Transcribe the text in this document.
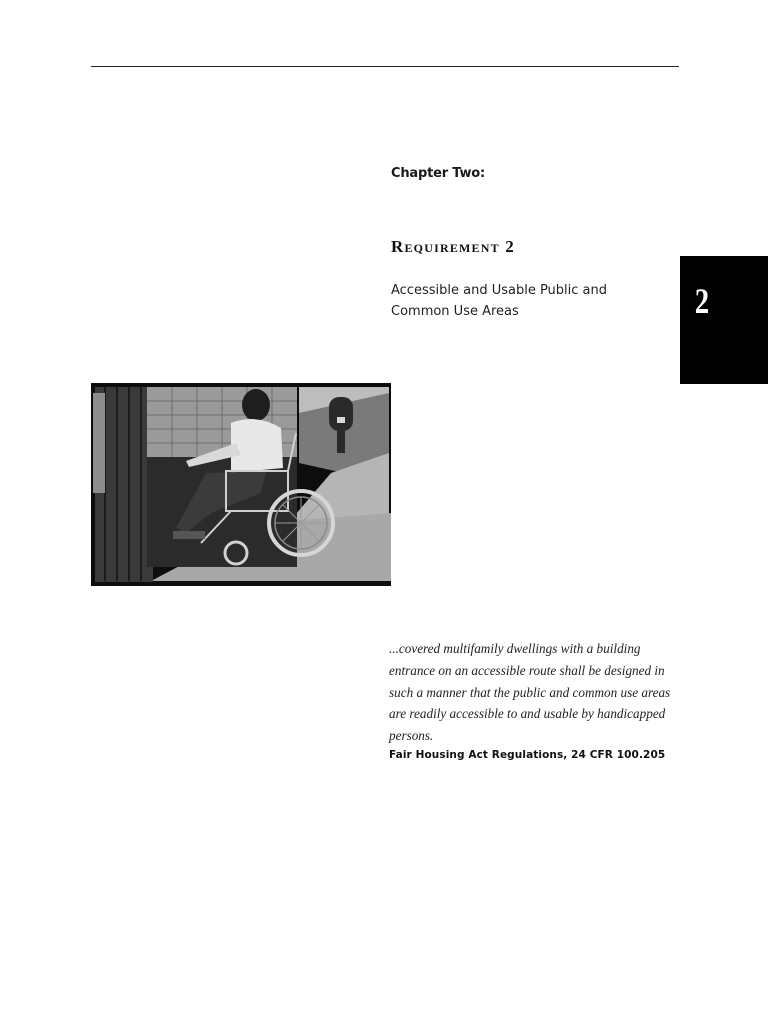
Chapter Two:
Requirement 2
Accessible and Usable Public and Common Use Areas	2
...covered multifamily dwellings with a building entrance on an accessible route shall be designed in such a manner that the public and common use areas are readily accessible to and usable by handicapped persons.
Fair Housing Act Regulations, 24 CFR 100.205
